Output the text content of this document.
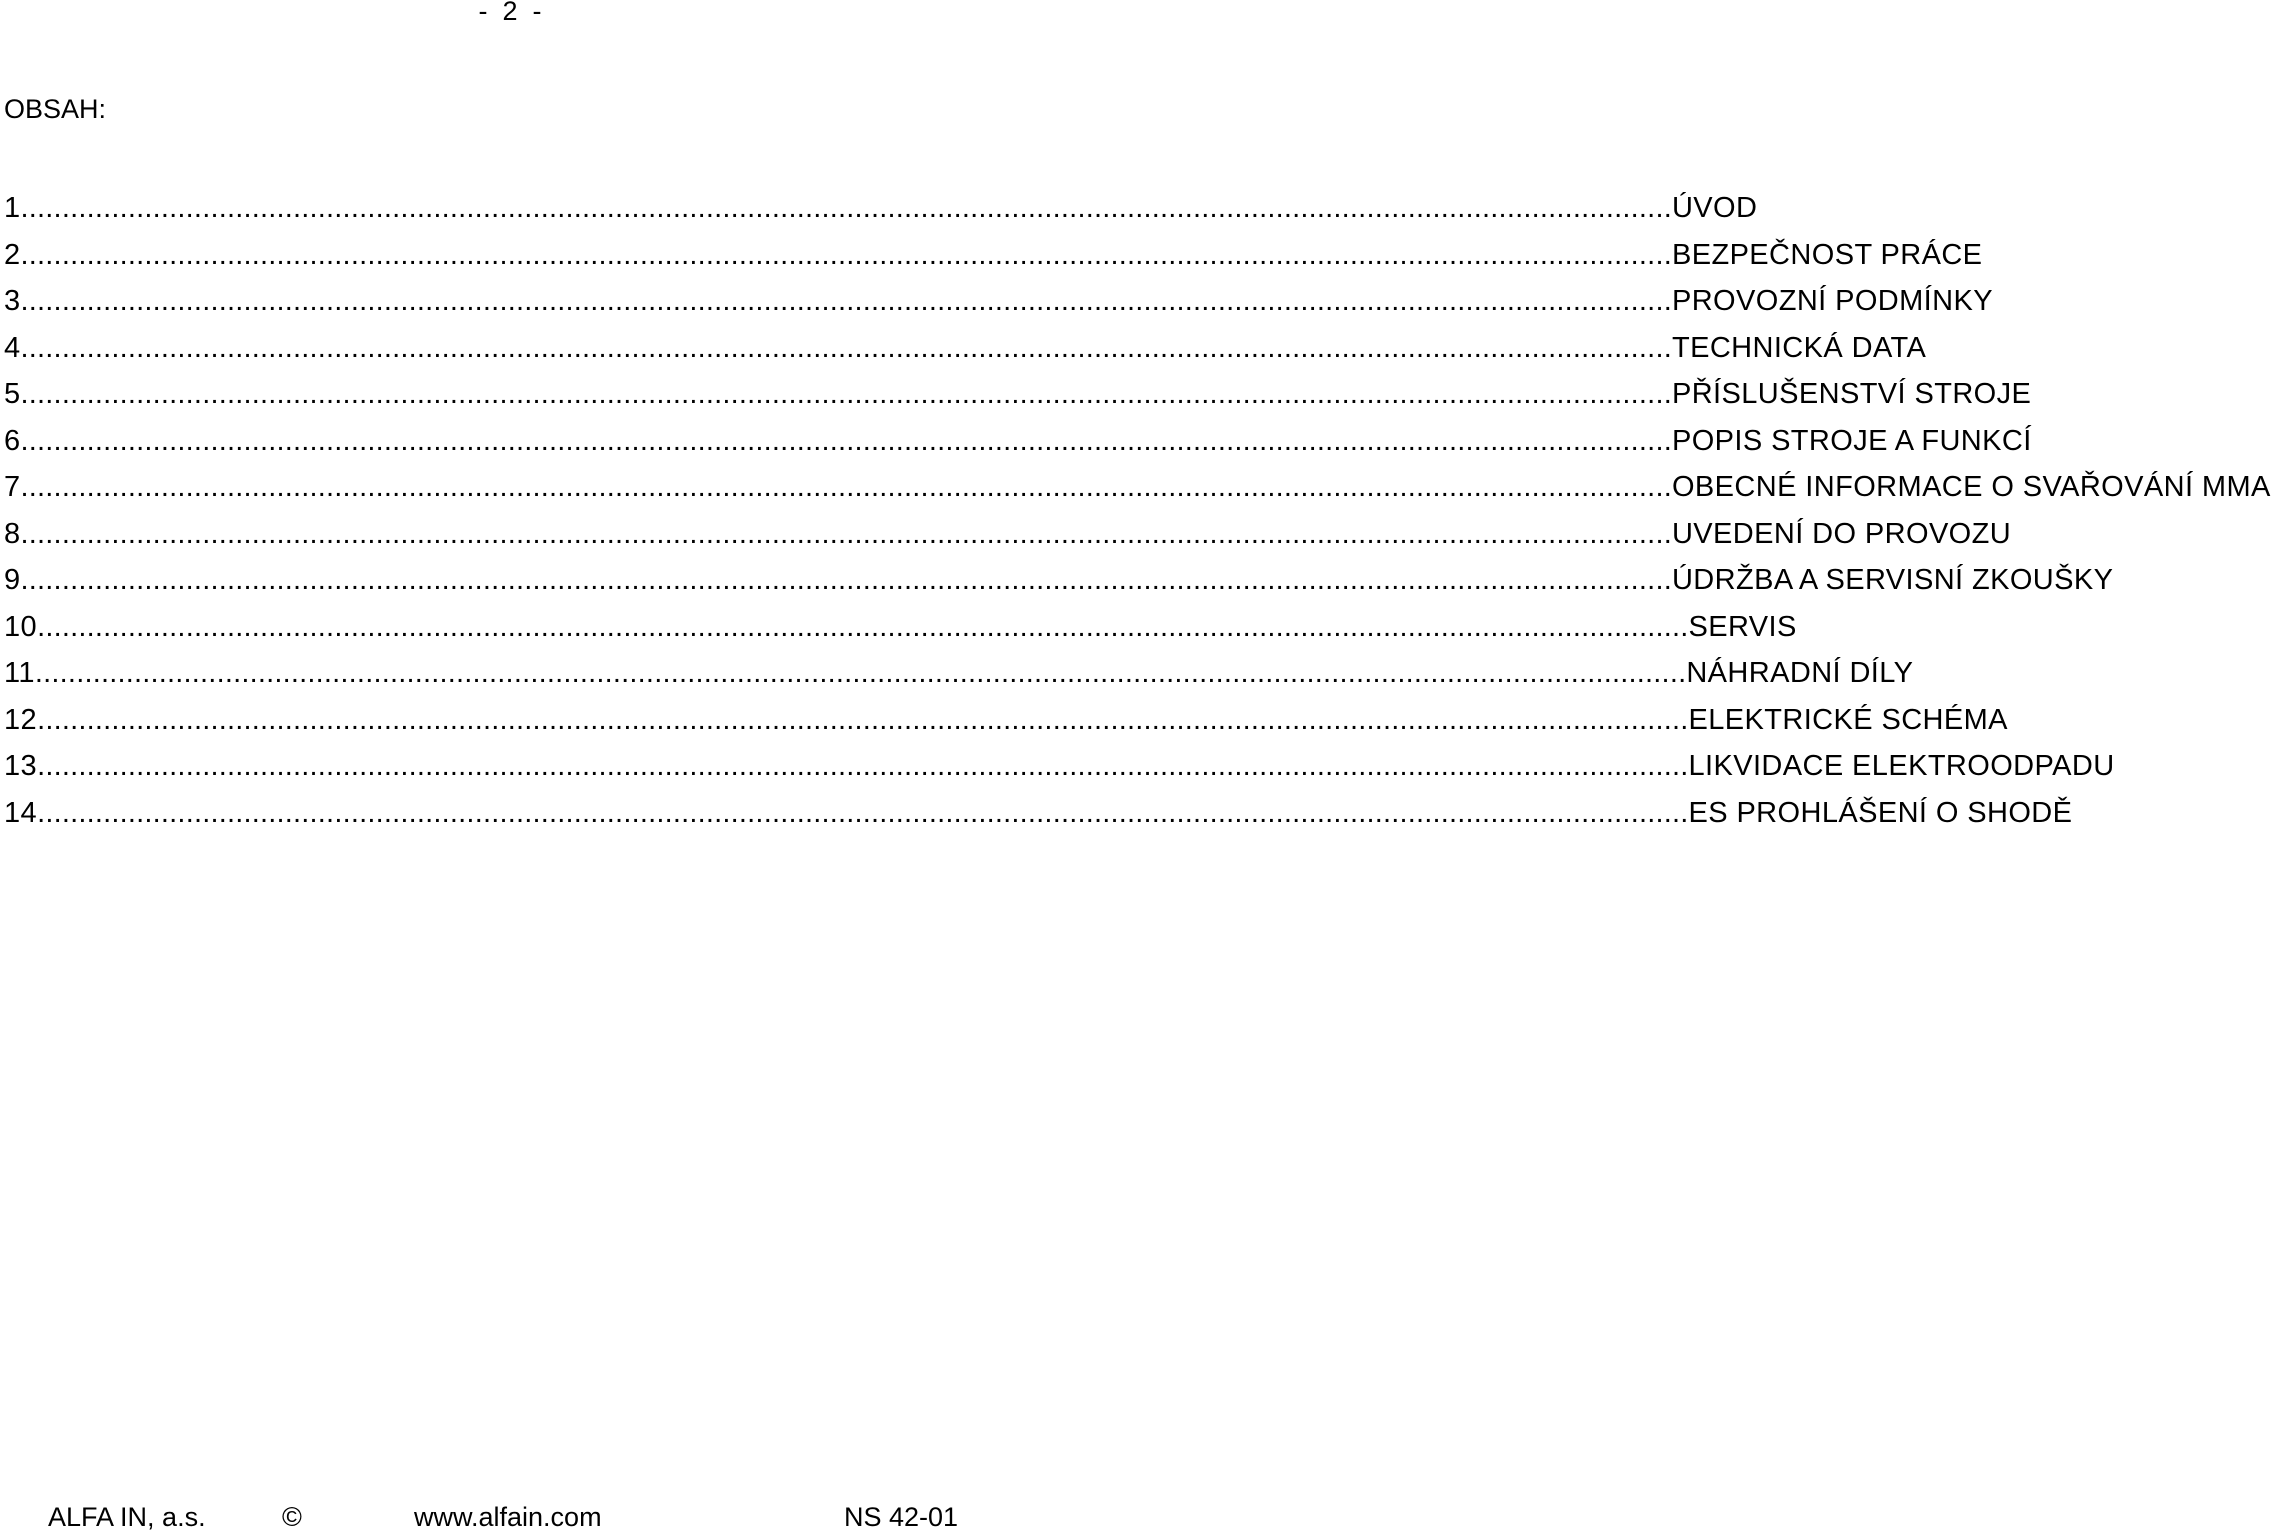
-  2  -
OBSAH:
1 ........................................................................................................................................................................................................ ÚVOD
2 ........................................................................................................................................................................................................ BEZPEČNOST PRÁCE
3 ........................................................................................................................................................................................................ PROVOZNÍ PODMÍNKY
4 ........................................................................................................................................................................................................ TECHNICKÁ DATA
5 ........................................................................................................................................................................................................ PŘÍSLUŠENSTVÍ STROJE
6 ........................................................................................................................................................................................................ POPIS STROJE A FUNKCÍ
7 ........................................................................................................................................................................................................ OBECNÉ INFORMACE O SVAŘOVÁNÍ MMA
8 ........................................................................................................................................................................................................ UVEDENÍ DO PROVOZU
9 ........................................................................................................................................................................................................ ÚDRŽBA A SERVISNÍ ZKOUŠKY
10 ........................................................................................................................................................................................................ SERVIS
11 ........................................................................................................................................................................................................ NÁHRADNÍ DÍLY
12 ........................................................................................................................................................................................................ ELEKTRICKÉ SCHÉMA
13 ........................................................................................................................................................................................................ LIKVIDACE ELEKTROODPADU
14 ........................................................................................................................................................................................................ ES PROHLÁŠENÍ O SHODĚ
ALFA IN, a.s.	©	www.alfain.com	NS 42-01
